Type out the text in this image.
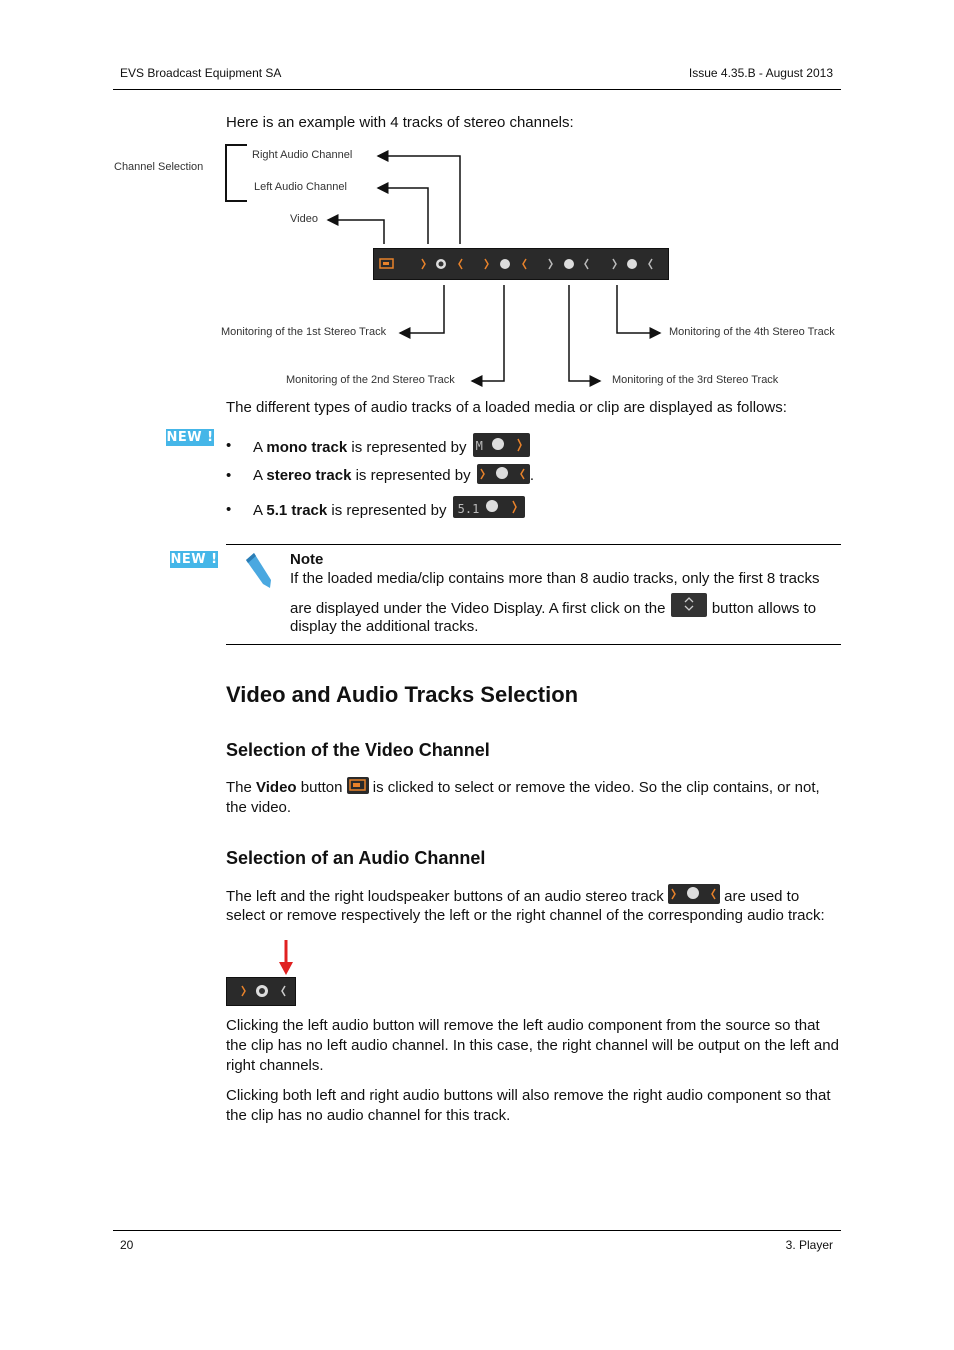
EVS Broadcast Equipment SA	Issue 4.35.B - August 2013
Here is an example with 4 tracks of stereo channels:
Channel Selection
Right Audio Channel
Left Audio Channel
Video
Monitoring of the 1st Stereo Track
Monitoring of the 2nd Stereo Track	Monitoring of the 3rd Stereo Track
Monitoring of the 4th Stereo Track
The different types of audio tracks of a loaded media or clip are displayed as follows:
NEW ! • A mono track is represented by M
• A stereo track is represented by	.
• A 5.1 track is represented by 5.1
NEW !	Note
If the loaded media/clip contains more than 8 audio tracks, only the first 8 tracks
are displayed under the Video Display. A first click on the	button allows to
display the additional tracks.
Video and Audio Tracks Selection
Selection of the Video Channel
The Video button
is clicked to select or remove the video. So the clip contains, or not,
the video.
Selection of an Audio Channel
The left and the right loudspeaker buttons of an audio stereo track	are used to
select or remove respectively the left or the right channel of the corresponding audio track:
Clicking the left audio button will remove the left audio component from the source so that the clip has no left audio channel. In this case, the right channel will be output on the left and right channels.
Clicking both left and right audio buttons will also remove the right audio component so that the clip has no audio channel for this track.
20	3. Player
